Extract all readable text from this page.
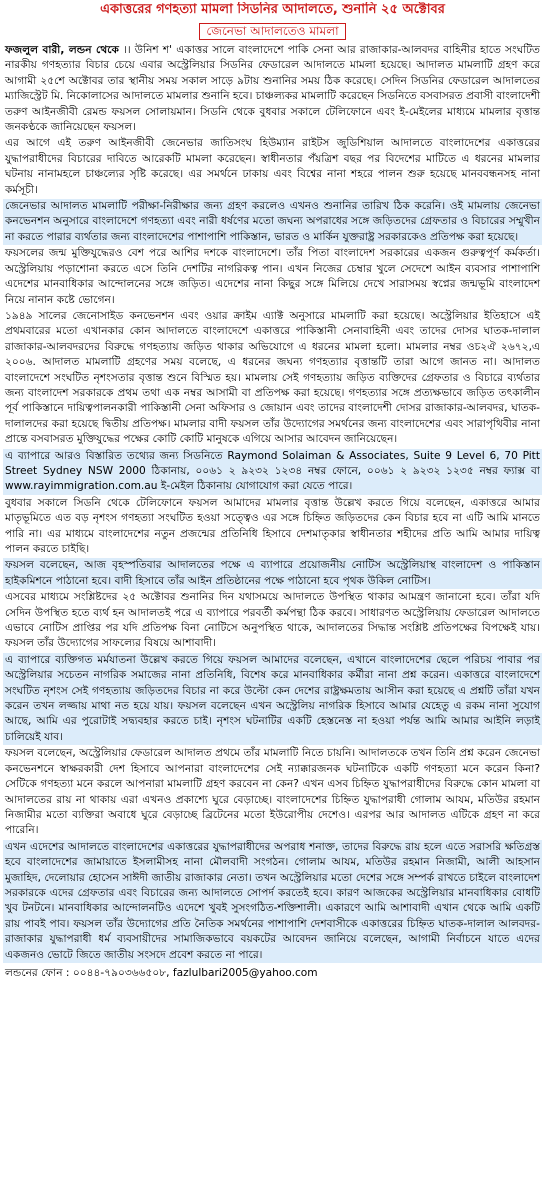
একাত্তরের গণহত্যা মামলা সিডনির আদালতে, শুনানি ২৫ অক্টোবর
জেনেভা আদালতেও মামলা

ফজলুল বারী, লন্ডন থেকে ।। উনিশ শ' একাত্তর সালে বাংলাদেশে পাকি সেনা আর রাজাকার-আলবদর বাহিনীর হাতে সংঘটিত নারকীয় গণহত্যার বিচার চেয়ে এবার অস্ট্রেলিয়ার সিডনির ফেডারেল আদালতে মামলা হয়েছে। আদালত মামলাটি গ্রহণ করে আগামী ২৫শে অক্টোবর তার স্থানীয় সময় সকাল সাড়ে ৯টায় শুনানির সময় ঠিক করেছে। সেদিন সিডনির ফেডারেল আদালতের ম্যাজিস্ট্রেট মি. নিকোলাসের আদালতে মামলার শুনানি হবে। চাঞ্চল্যকর মামলাটি করেছেন সিডনিতে বসবাসরত প্রবাসী বাংলাদেশী তরুণ আইনজীবী রেমন্ড ফয়সল সোলায়মান। সিডনি থেকে বুধবার সকালে টেলিফোনে এবং ই-মেইলের মাধ্যমে মামলার বৃত্তান্ত জনকণ্ঠকে জানিয়েছেন ফয়সল।

এর আগে এই তরুণ আইনজীবী জেনেভার জাতিসংঘ হিউম্যান রাইটস জুডিশিয়াল আদালতে বাংলাদেশের একাত্তরের যুদ্ধাপরাধীদের বিচারের দাবিতে আরেকটি মামলা করেছেন। স্বাধীনতার পঁয়ত্রিশ বছর পর বিদেশের মাটিতে এ ধরনের মামলার ঘটনায় নানামহলে চাঞ্চল্যের সৃষ্টি করেছে। এর সমর্থনে ঢাকায় এবং বিশ্বের নানা শহরে পালন শুরু হয়েছে মানববন্ধনসহ নানা কর্মসূচী।

জেনেভার আদালত মামলাটি পরীক্ষা-নিরীক্ষার জন্য গ্রহণ করলেও এখনও শুনানির তারিখ ঠিক করেনি। ওই মামলায় জেনেভা কনভেনশন অনুসারে বাংলাদেশে গণহত্যা এবং নারী ধর্ষণের মতো জঘন্য অপরাধের সঙ্গে জড়িতদের গ্রেফতার ও বিচারের সম্মুখীন না করতে পারার ব্যর্থতার জন্য বাংলাদেশের পাশাপাশি পাকিস্তান, ভারত ও মার্কিন যুক্তরাষ্ট্র সরকারকেও প্রতিপক্ষ করা হয়েছে।

ফয়সলের জন্ম মুক্তিযুদ্ধেরও বেশ পরে আশির দশকে বাংলাদেশে। তাঁর পিতা বাংলাদেশ সরকারের একজন গুরুত্বপূর্ণ কর্মকর্তা। অস্ট্রেলিয়ায় পড়াশোনা করতে এসে তিনি দেশটির নাগরিকত্ব পান। এখন নিজের চেম্বার খুলে সেদেশে আইন ব্যবসার পাশাপাশি এদেশের মানবাধিকার আন্দোলনের সঙ্গে জড়িত। এদেশের নানা কিছুর সঙ্গে মিলিয়ে দেখে সারাসময় স্বপ্নের জন্মভূমি বাংলাদেশ নিয়ে নানান কষ্টে ভোগেন।

১৯৪৯ সালের জেনোসাইড কনভেনশন এবং ওয়ার ক্রাইম এ্যাক্ট অনুসারে মামলাটি করা হয়েছে। অস্ট্রেলিয়ার ইতিহাসে এই প্রথমবারের মতো এখানকার কোন আদালতে বাংলাদেশে একাত্তরে পাকিস্তানী সেনাবাহিনী এবং তাদের দোসর ঘাতক-দালাল রাজাকার-আলবদরদের বিরুদ্ধে গণহত্যায় জড়িত থাকার অভিযোগে এ ধরনের মামলা হলো। মামলার নম্বর ওচ২ঐ ২৬৭২,এ ২০০৬. আদালত মামলাটি গ্রহণের সময় বলেছে, এ ধরনের জঘন্য গণহত্যার বৃত্তান্তটি তারা আগে জানত না। আদালত বাংলাদেশে সংঘটিত নৃশংসতার বৃত্তান্ত শুনে বিস্মিত হয়। মামলায় সেই গণহত্যায় জড়িত ব্যক্তিদের গ্রেফতার ও বিচারে ব্যর্থতার জন্য বাংলাদেশ সরকারকে প্রথম তথা এক নম্বর আসামী বা প্রতিপক্ষ করা হয়েছে। গণহত্যার সঙ্গে প্রত্যক্ষভাবে জড়িত তৎকালীন পূর্ব পাকিস্তানে দায়িত্বপালনকারী পাকিস্তানী সেনা অফিসার ও জোয়ান এবং তাদের বাংলাদেশী দোসর রাজাকার-আলবদর, ঘাতক-দালালদের করা হয়েছে দ্বিতীয় প্রতিপক্ষ। মামলার বাদী ফয়সল তাঁর উদ্যোগের সমর্থনের জন্য বাংলাদেশের এবং সারাপৃথিবীর নানা প্রান্তে বসবাসরত মুক্তিযুদ্ধের পক্ষের কোটি কোটি মানুষকে এগিয়ে আসার আবেদন জানিয়েছেন।

এ ব্যাপারে আরও বিস্তারিত তথ্যের জন্য সিডনিতে Raymond Solaiman & Associates, Suite 9 Level 6, 70 Pitt Street Sydney NSW 2000 ঠিকানায়, ০০৬১ ২ ৯২৩২ ১২৩৪ নম্বর ফোনে, ০০৬১ ২ ৯২৩২ ১২৩৫ নম্বর ফ্যাক্স বা www.rayimmigration.com.au ই-মেইল ঠিকানায় যোগাযোগ করা যেতে পারে।

বুধবার সকালে সিডনি থেকে টেলিফোনে ফয়সল আমাদের মামলার বৃত্তান্ত উল্লেখ করতে গিয়ে বলেছেন, একাত্তরে আমার মাতৃভূমিতে এত বড় নৃশংস গণহত্যা সংঘটিত হওয়া সত্ত্বেও এর সঙ্গে চিহ্নিত জড়িতদের কেন বিচার হবে না এটি আমি মানতে পারি না। এর মাধ্যমে বাংলাদেশের নতুন প্রজন্মের প্রতিনিধি হিসাবে দেশমাতৃকার স্বাধীনতার শহীদের প্রতি আমি আমার দায়িত্ব পালন করতে চাইছি।

ফয়সল বলেছেন, আজ বৃহস্পতিবার আদালতের পক্ষে এ ব্যাপারে প্রয়োজনীয় নোটিস অস্ট্রেলিয়াস্থ বাংলাদেশ ও পাকিস্তান হাইকমিশনে পাঠানো হবে। বাদী হিসাবে তাঁর আইন প্রতিষ্ঠানের পক্ষে পাঠানো হবে পৃথক উকিল নোটিস।

এসবের মাধ্যমে সংশ্লিষ্টদের ২৫ অক্টোবর শুনানির দিন যথাসময়ে আদালতে উপস্থিত থাকার আমন্ত্রণ জানানো হবে। তাঁরা যদি সেদিন উপস্থিত হতে ব্যর্থ হন আদালতই পরে এ ব্যাপারে পরবর্তী কর্মপন্থা ঠিক করবে। সাধারণত অস্ট্রেলিয়ায় ফেডারেল আদালতে এভাবে নোটিস প্রাপ্তির পর যদি প্রতিপক্ষ বিনা নোটিসে অনুপস্থিত থাকে, আদালতের সিদ্ধান্ত সংশ্লিষ্ট প্রতিপক্ষের বিপক্ষেই যায়। ফয়সল তাঁর উদ্যোগের সাফল্যের বিষয়ে আশাবাদী।

এ ব্যাপারে ব্যক্তিগত মর্মযাতনা উল্লেখ করতে গিয়ে ফয়সল আমাদের বলেছেন, এখানে বাংলাদেশের ছেলে পরিচয় পাবার পর অস্ট্রেলিয়ার সচেতন নাগরিক সমাজের নানা প্রতিনিধি, বিশেষ করে মানবাধিকার কর্মীরা নানা প্রশ্ন করেন। একাত্তরে বাংলাদেশে সংঘটিত নৃশংস সেই গণহত্যায় জড়িতদের বিচার না করে উল্টো কেন দেশের রাষ্ট্রক্ষমতায় আসীন করা হয়েছে এ প্রশ্নটি তাঁরা যখন করেন তখন লজ্জায় মাথা নত হয়ে যায়। ফয়সল বলেছেন এখন অস্ট্রেলিয় নাগরিক হিসাবে আমার যেহেতু এ রকম নানা সুযোগ আছে, আমি এর পুরোটাই সদ্ব্যবহার করতে চাই। নৃশংস ঘটনাটির একটি হেস্তনেস্ত না হওয়া পর্যন্ত আমি আমার আইনি লড়াই চালিয়েই যাব।

ফয়সল বলেছেন, অস্ট্রেলিয়ার ফেডারেল আদালত প্রথমে তাঁর মামলাটি নিতে চায়নি। আদালতকে তখন তিনি প্রশ্ন করেন জেনেভা কনভেনশনে স্বাক্ষরকারী দেশ হিসাবে আপনারা বাংলাদেশের সেই ন্যাক্কারজনক ঘটনাটিকে একটি গণহত্যা মনে করেন কিনা? সেটিকে গণহত্যা মনে করলে আপনারা মামলাটি গ্রহণ করবেন না কেন? এখন এসব চিহ্নিত যুদ্ধাপরাধীদের বিরুদ্ধে কোন মামলা বা আদালতের রায় না থাকায় এরা এখনও প্রকাশ্যে ঘুরে বেড়াচ্ছে। বাংলাদেশের চিহ্নিত যুদ্ধাপরাধী গোলাম আযম, মতিউর রহমান নিজামীর মতো ব্যক্তিরা অবাধে ঘুরে বেড়াচ্ছে ব্রিটেনের মতো ইউরোপীয় দেশেও। এরপর আর আদালত এটিকে গ্রহণ না করে পারেনি।

এখন এদেশের আদালতে বাংলাদেশের একাত্তরের যুদ্ধাপরাধীদের অপরাধ শনাক্ত, তাদের বিরুদ্ধে রায় হলে এতে সরাসরি ক্ষতিগ্রস্ত হবে বাংলাদেশের জামায়াতে ইসলামীসহ নানা মৌলবাদী সংগঠন। গোলাম আযম, মতিউর রহমান নিজামী, আলী আহসান মুজাহিদ, দেলোয়ার হোসেন সাঈদী জাতীয় রাজাকার নেতা। তখন অস্ট্রেলিয়ার মতো দেশের সঙ্গে সম্পর্ক রাখতে চাইলে বাংলাদেশ সরকারকে এদের গ্রেফতার এবং বিচারের জন্য আদালতে সোপর্দ করতেই হবে। কারণ আজকের অস্ট্রেলিয়ার মানবাধিকার বোধটি খুব টনটনে। মানবাধিকার আন্দোলনটিও এদেশে খুবই সুসংগঠিত-শক্তিশালী। একারণে আমি আশাবাদী এখান থেকে আমি একটি রায় পাবই পাব। ফয়সল তাঁর উদ্যোগের প্রতি নৈতিক সমর্থনের পাশাপাশি দেশবাসীকে একাত্তরের চিহ্নিত ঘাতক-দালাল আলবদর-রাজাকার যুদ্ধাপরাধী ধর্ম ব্যবসায়ীদের সামাজিকভাবে বয়কটের আবেদন জানিয়ে বলেছেন, আগামী নির্বাচনে যাতে এদের একজনও ভোটে জিতে জাতীয় সংসদে প্রবেশ করতে না পারে।

লন্ডনের ফোন : ০০৪৪-৭৯০৩৬৬৫০৮, fazlulbari2005@yahoo.com
